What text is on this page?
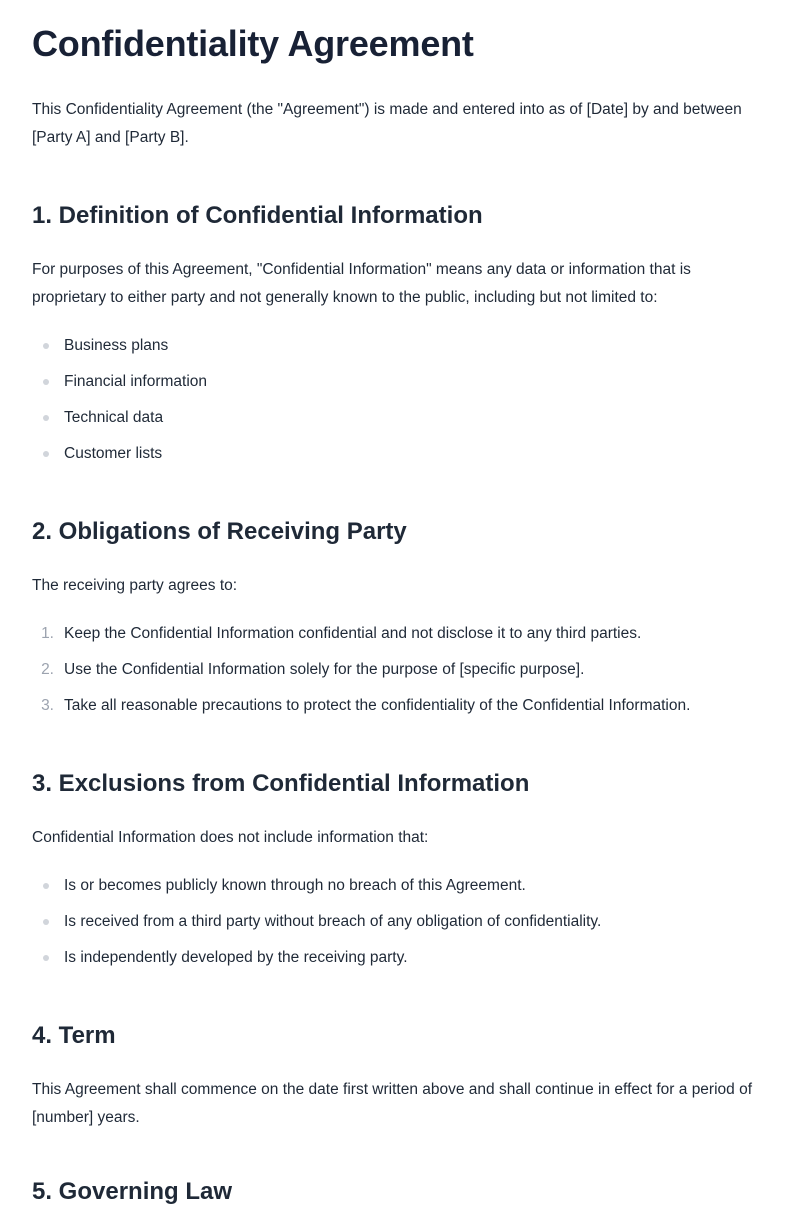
Confidentiality Agreement

This Confidentiality Agreement (the "Agreement") is made and entered into as of [Date] by and between [Party A] and [Party B].

1. Definition of Confidential Information

For purposes of this Agreement, "Confidential Information" means any data or information that is proprietary to either party and not generally known to the public, including but not limited to:

Business plans
Financial information
Technical data
Customer lists
2. Obligations of Receiving Party

The receiving party agrees to:

1. Keep the Confidential Information confidential and not disclose it to any third parties.
2. Use the Confidential Information solely for the purpose of [specific purpose].
3. Take all reasonable precautions to protect the confidentiality of the Confidential Information.
3. Exclusions from Confidential Information

Confidential Information does not include information that:

Is or becomes publicly known through no breach of this Agreement.
Is received from a third party without breach of any obligation of confidentiality.
Is independently developed by the receiving party.
4. Term

This Agreement shall commence on the date first written above and shall continue in effect for a period of [number] years.

5. Governing Law
